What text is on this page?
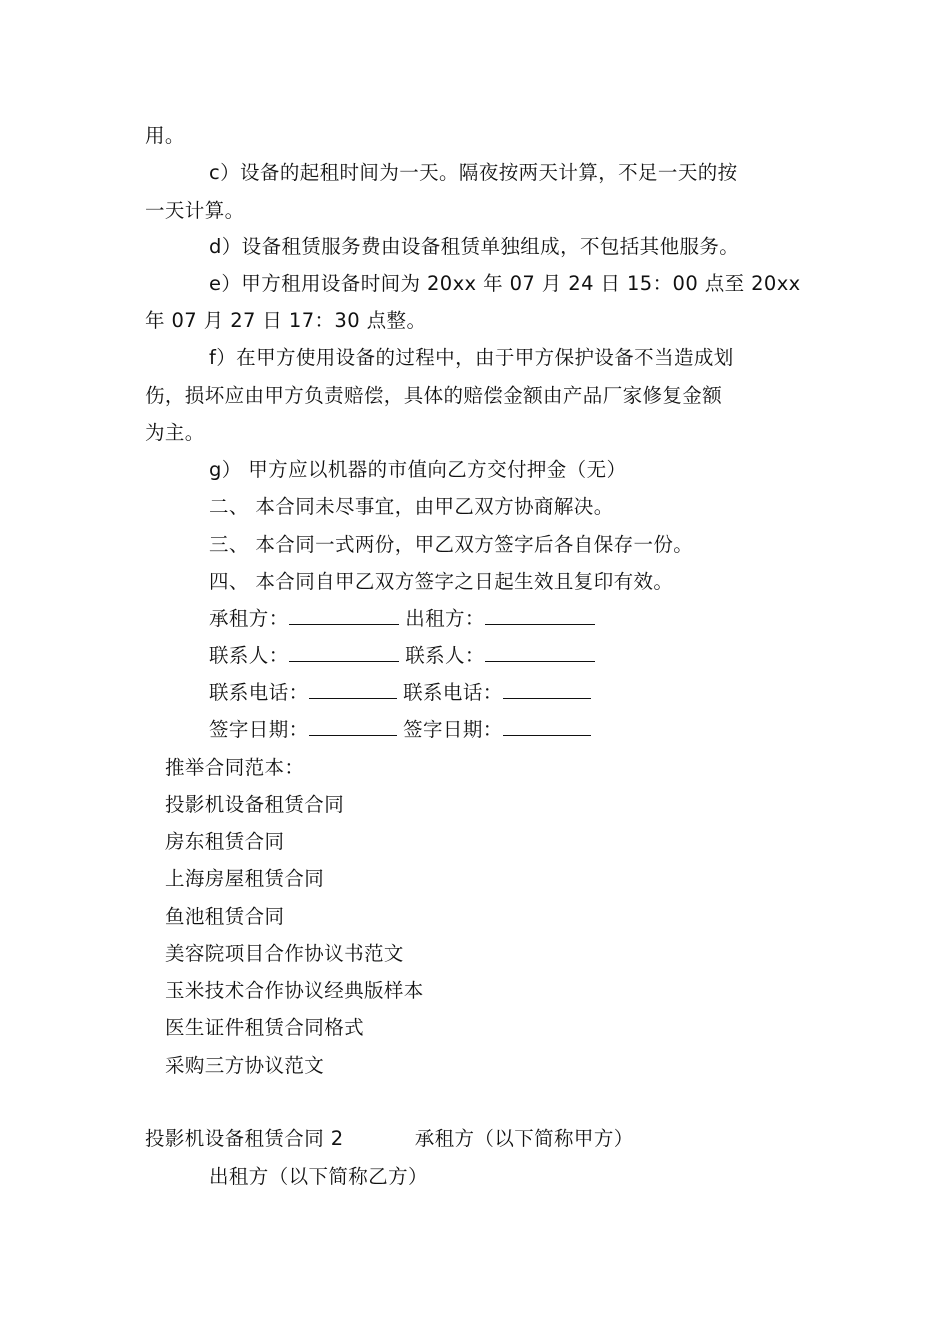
用。
c）设备的起租时间为一天。隔夜按两天计算，不足一天的按
一天计算。
d）设备租赁服务费由设备租赁单独组成，不包括其他服务。
e）甲方租用设备时间为 20xx 年 07 月 24 日 15：00 点至 20xx
年 07 月 27 日 17：30 点整。
f）在甲方使用设备的过程中，由于甲方保护设备不当造成划
伤，损坏应由甲方负责赔偿，具体的赔偿金额由产品厂家修复金额
为主。
g） 甲方应以机器的市值向乙方交付押金（无）
二、 本合同未尽事宜，由甲乙双方协商解决。
三、 本合同一式两份，甲乙双方签字后各自保存一份。
四、 本合同自甲乙双方签字之日起生效且复印有效。
承租方：	出租方：
联系人：	联系人：
联系电话：	联系电话：
签字日期：	签字日期：
推举合同范本：
投影机设备租赁合同
房东租赁合同
上海房屋租赁合同
鱼池租赁合同
美容院项目合作协议书范文
玉米技术合作协议经典版样本
医生证件租赁合同格式
采购三方协议范文
投影机设备租赁合同 2	承租方（以下简称甲方）
出租方（以下简称乙方）
